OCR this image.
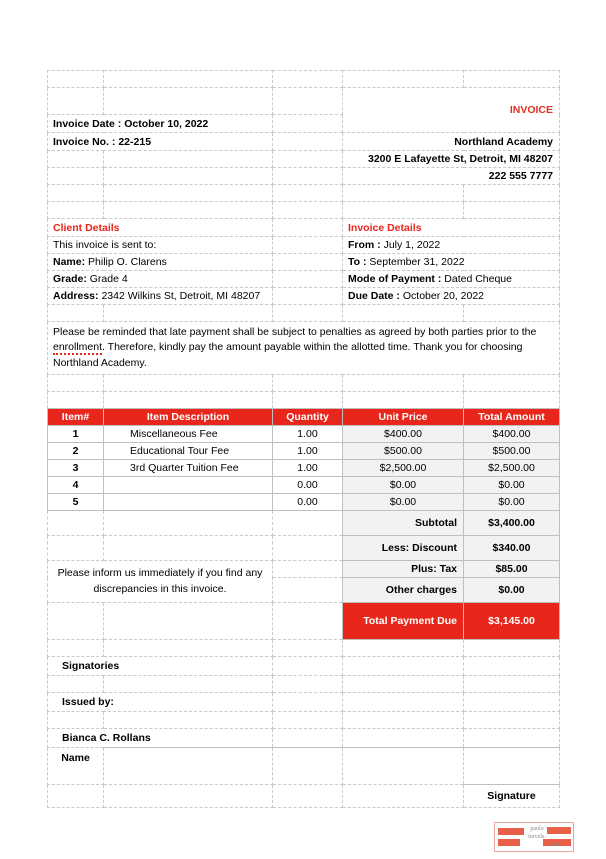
			INVOICE	
Invoice Date : October 10, 2022				
Invoice No. : 22-215			Northland Academy	
			3200 E Lafayette St, Detroit, MI 48207	
			222 555 7777	

Client Details			Invoice Details	
This invoice is sent to:			From : July 1, 2022	
Name: Philip O. Clarens			To : September 31, 2022	
Grade: Grade 4			Mode of Payment : Dated Cheque	
Address: 2342 Wilkins St, Detroit, MI 48207			Due Date : October 20, 2022	

Please be reminded that late payment shall be subject to penalties as agreed by both parties prior to the enrollment. Therefore, kindly pay the amount payable within the allotted time. Thank you for choosing Northland Academy.				

Item#	Item Description	Quantity	Unit Price	Total Amount
1	Miscellaneous Fee	1.00	$400.00	$400.00
2	Educational Tour Fee	1.00	$500.00	$500.00
3	3rd Quarter Tuition Fee	1.00	$2,500.00	$2,500.00
4		0.00	$0.00	$0.00
5		0.00	$0.00	$0.00
			Subtotal	$3,400.00
			Less: Discount	$340.00
Please inform us immediately if you find any discrepancies in this invoice.			Plus: Tax	$85.00
			Other charges	$0.00
			Total Payment Due	$3,145.00

Signatories				

Issued by:				

Bianca C. Rollans				
Name				
				Signature
paulo
travels.
com
